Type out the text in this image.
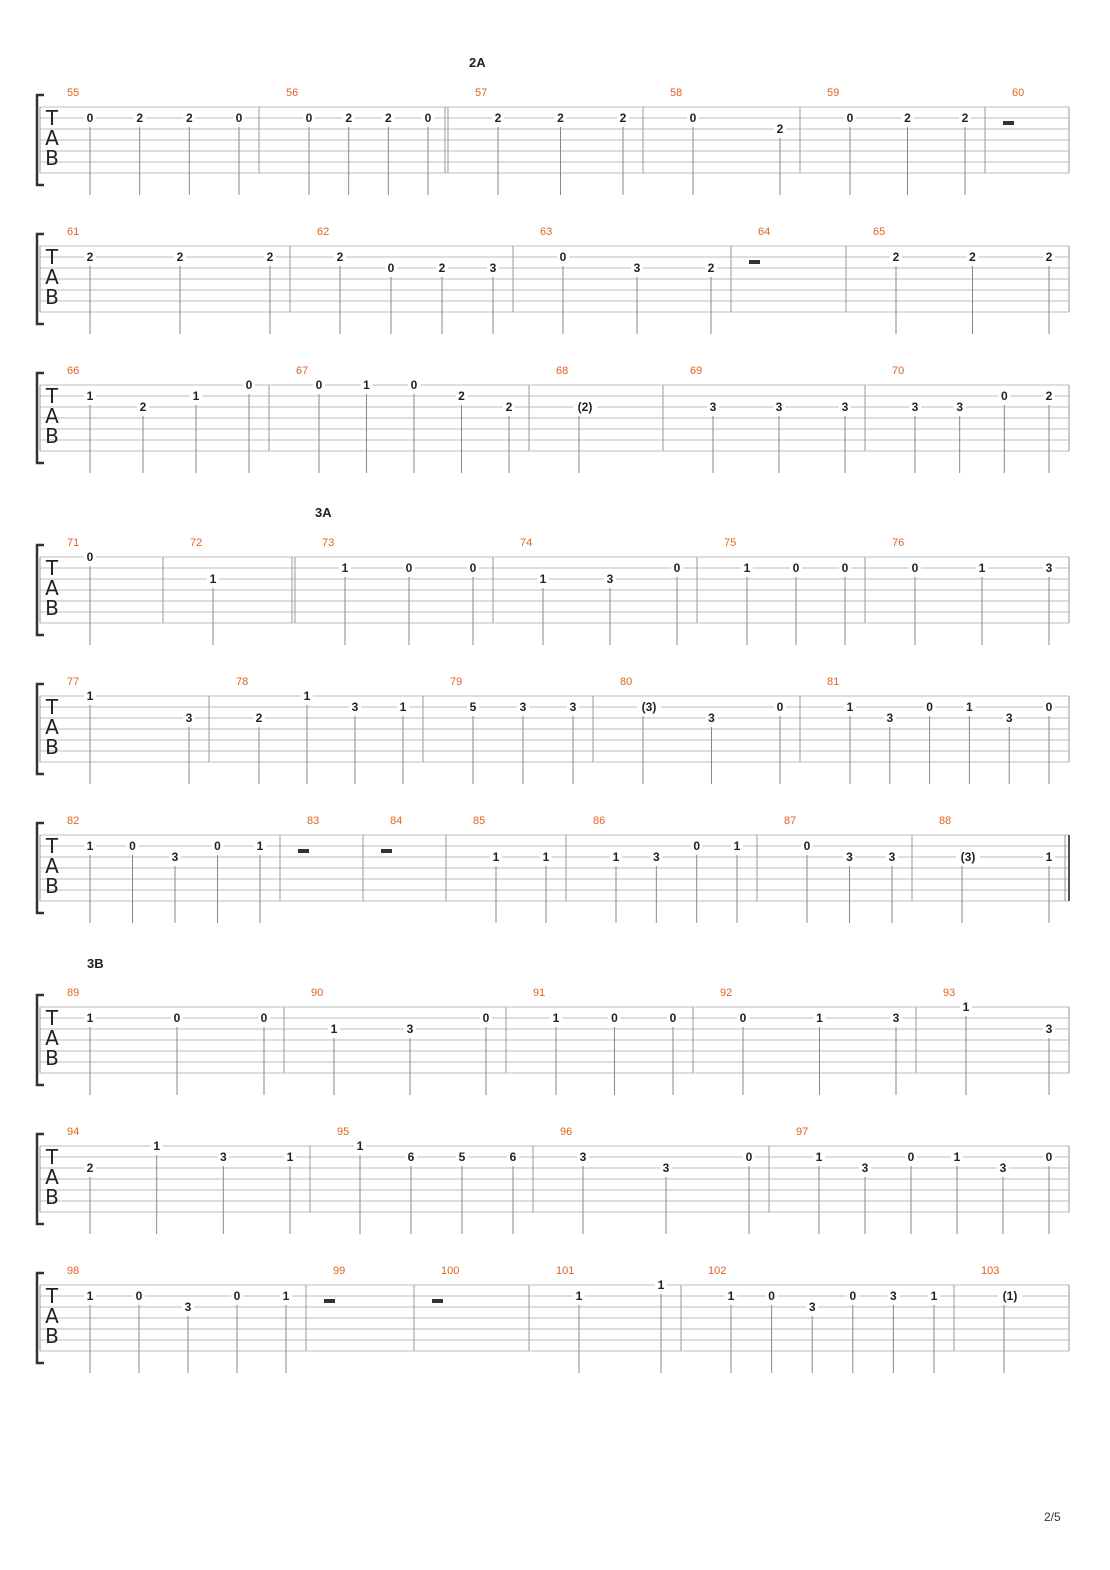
T
A
B
55
0	2	2	0
56
0	2	2	0
57
2	2	2
58
0
2
59
0	2	2
60
T
A
B
61
2	2	2
62
2
0	2	3
63
0
3	2
64	65
2	2	2
T
A
B
66
1
2
1
0
67
0	1	0
2
2
68
(2)
69
3	3	3
70
3	3
0	2
T
A
B
71
0
72
1
73
1	0	0
74
1	3
0
75
1	0	0
76
0	1	3
T
A
B
77
1
3
78
2
1
3	1
79
5	3	3
80
(3)
3
0
81
1
3
0	1
3
0
T
A
B
82
1	0
3
0	1
83	84	85
1	1
86
1	3
0	1
87
0
3	3
88
(3)	1
T
A
B
89
1	0	0
90
1	3
0
91
1	0	0
92
0	1	3
93
1
3
T
A
B
94
2
1
3	1
95
1
6	5	6
96
3
3
0
97
1
3
0	1
3
0
T
A
B
98
1	0
3
0	1
99	100	101
1
1
102
1	0
3
0	3	1
103
(1)
2A
3A
3B
2/5
